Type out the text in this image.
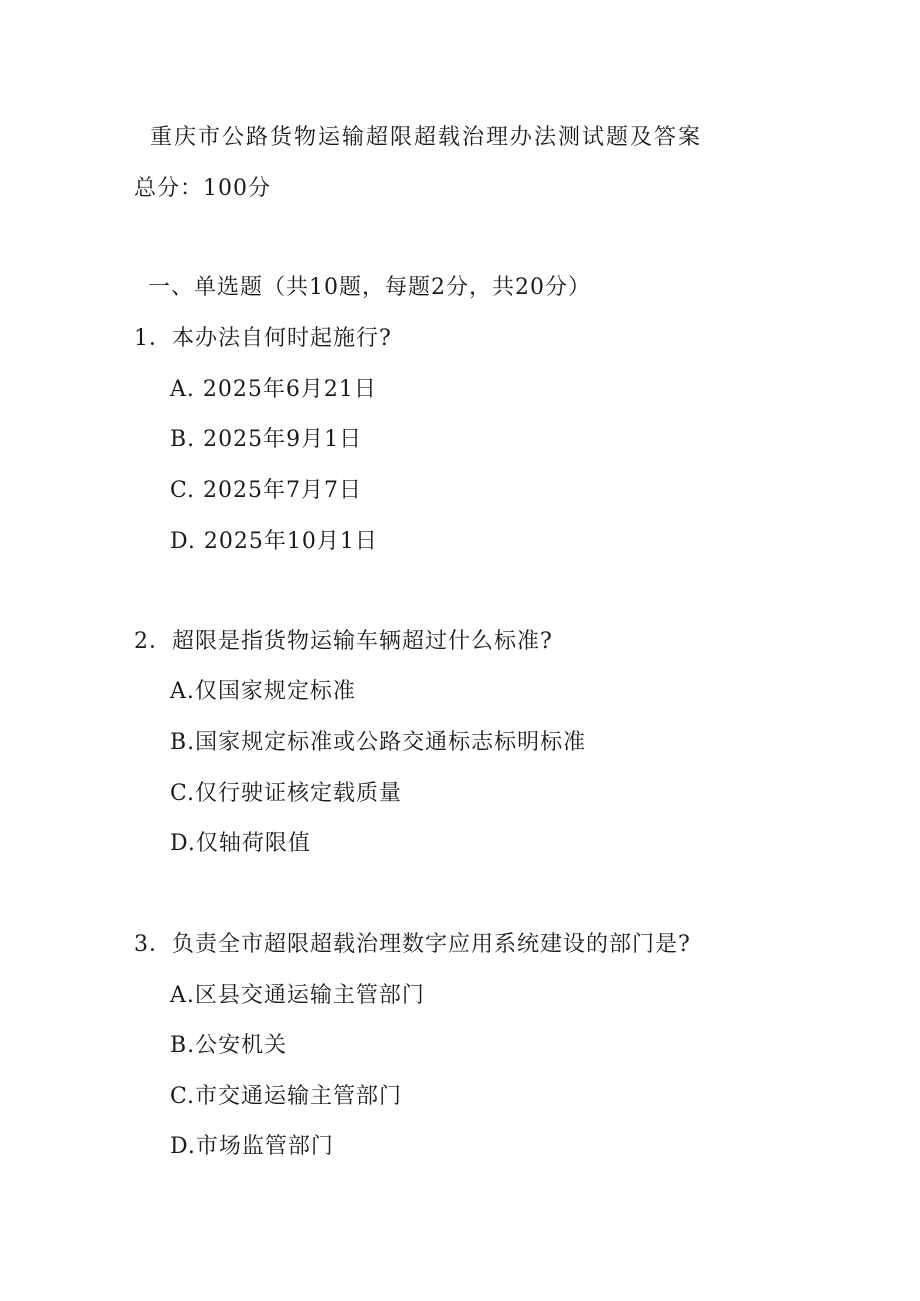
重庆市公路货物运输超限超载治理办法测试题及答案
总分：100分
一、单选题（共10题，每题2分，共20分）
1．本办法自何时起施行?
A. 2025年6月21日
B. 2025年9月1日
C. 2025年7月7日
D. 2025年10月1日
2．超限是指货物运输车辆超过什么标准?
A.仅国家规定标准
B.国家规定标准或公路交通标志标明标准
C.仅行驶证核定载质量
D.仅轴荷限值
3．负责全市超限超载治理数字应用系统建设的部门是?
A.区县交通运输主管部门
B.公安机关
C.市交通运输主管部门
D.市场监管部门
